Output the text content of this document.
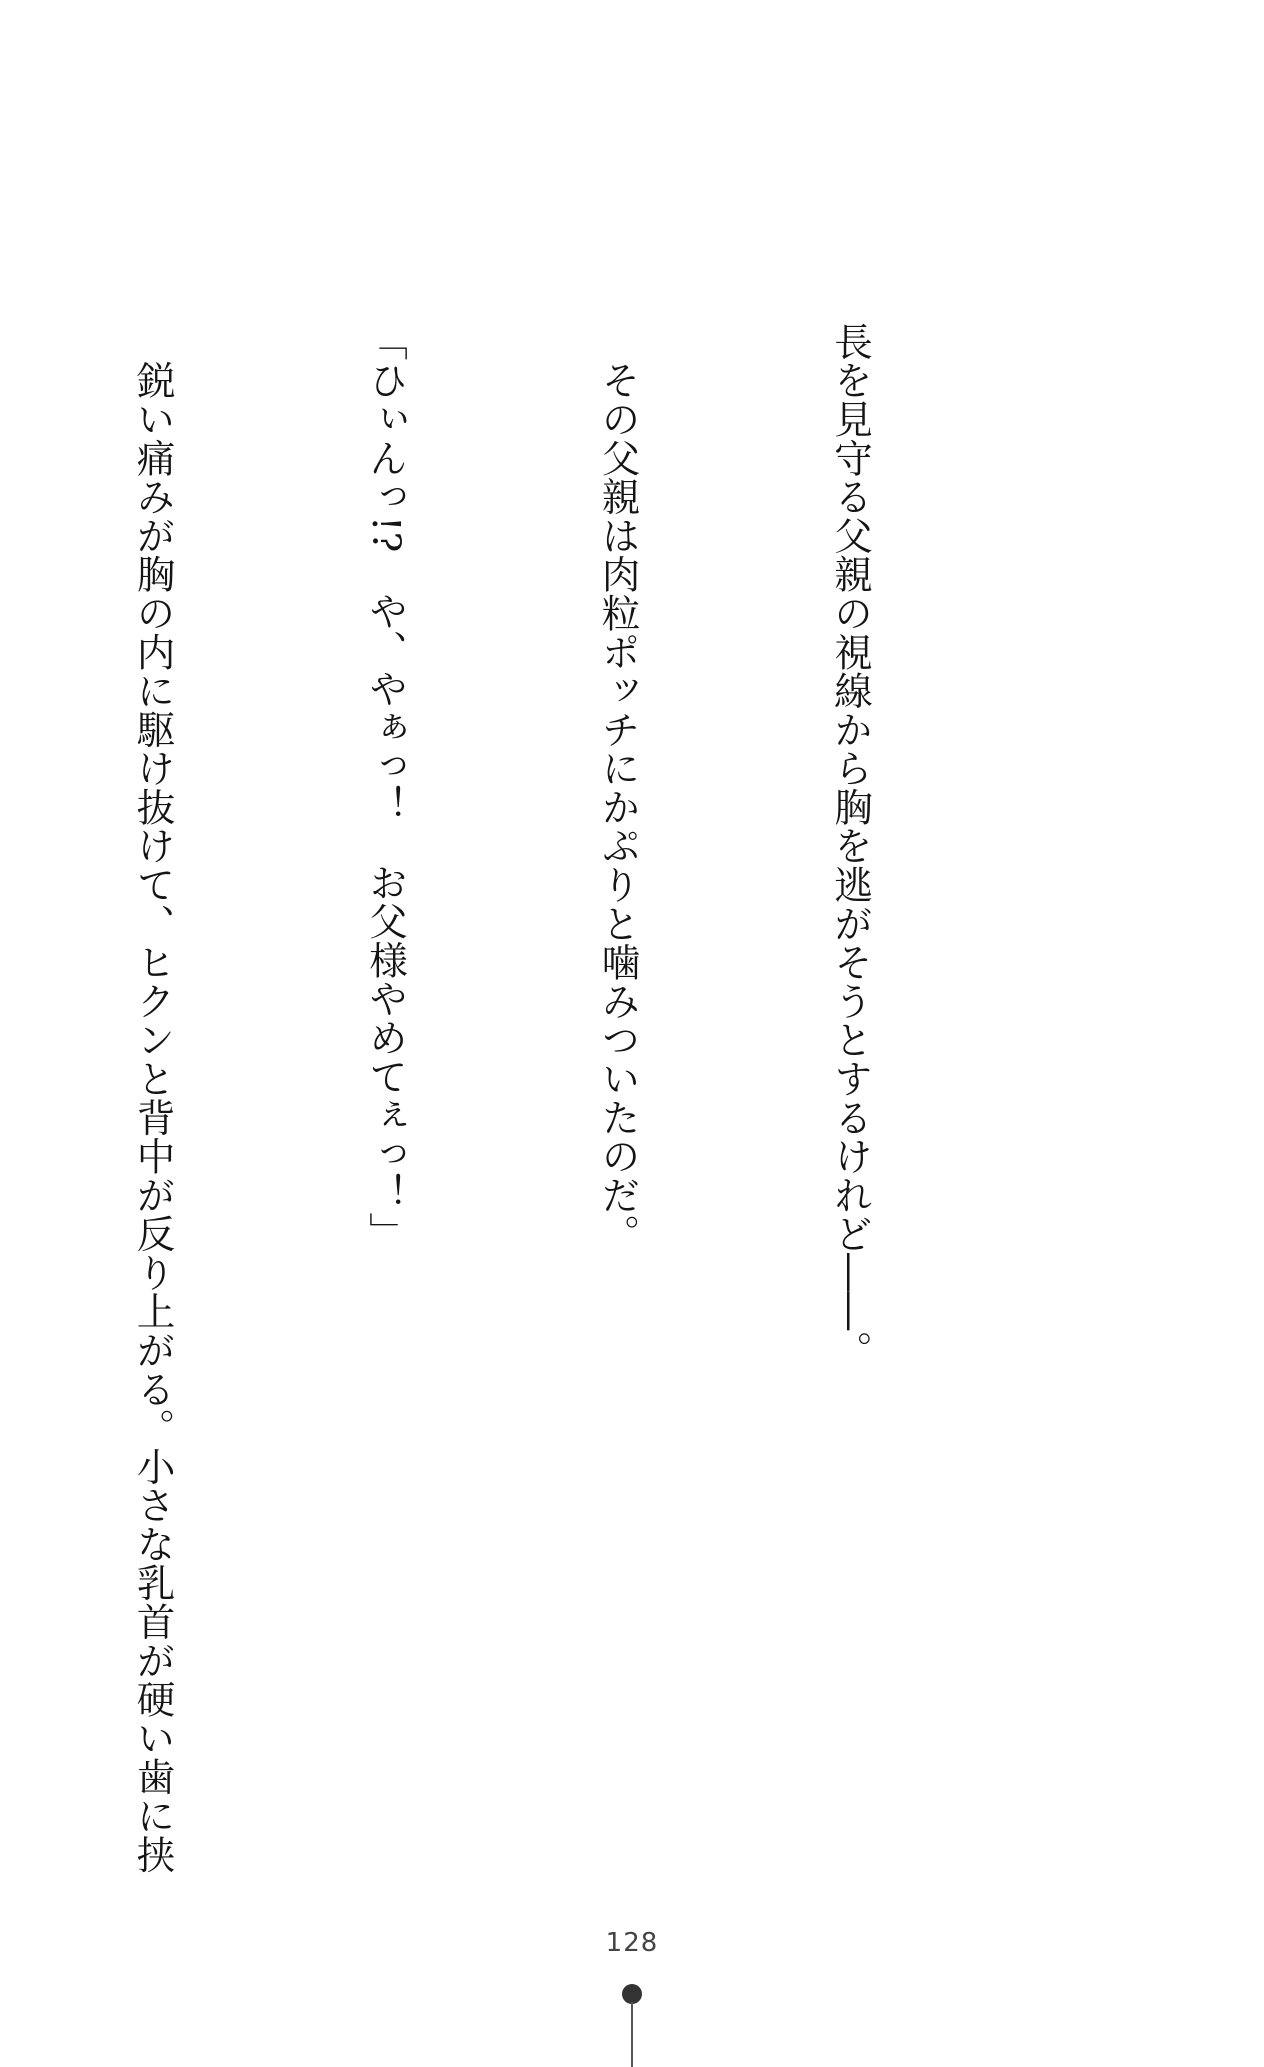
長を見守る父親の視線から胸を逃がそうとするけれど――。

　その父親は肉粒ポッチにかぷりと噛みついたのだ。

「ひぃんっ!?　や、やぁっ！　お父様やめてぇっ！」

　鋭い痛みが胸の内に駆け抜けて、ヒクンと背中が反り上がる。小さな乳首が硬い歯に挟

128
